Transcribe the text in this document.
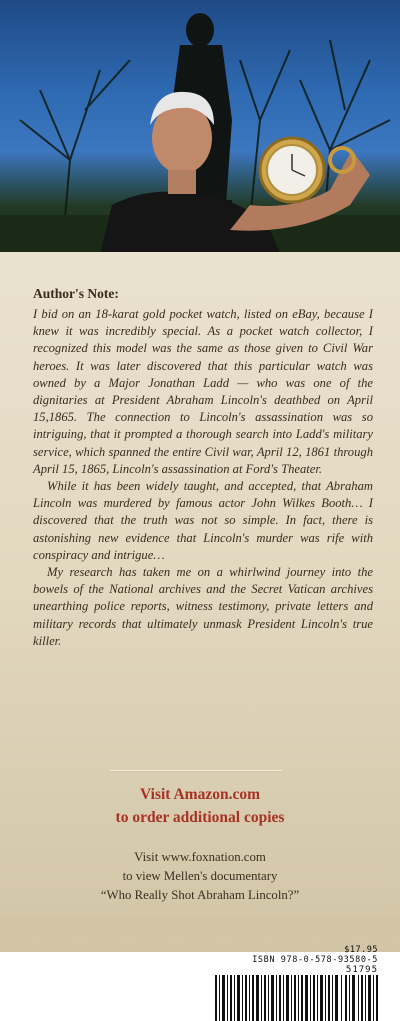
Author's Note:

I bid on an 18-karat gold pocket watch, listed on eBay, because I knew it was incredibly special. As a pocket watch collector, I recognized this model was the same as those given to Civil War heroes. It was later discovered that this particular watch was owned by a Major Jonathan Ladd — who was one of the dignitaries at President Abraham Lincoln's deathbed on April 15,1865. The connection to Lincoln's assassination was so intriguing, that it prompted a thorough search into Ladd's military service, which spanned the entire Civil war, April 12, 1861 through April 15, 1865, Lincoln's assassination at Ford's Theater.

While it has been widely taught, and accepted, that Abraham Lincoln was murdered by famous actor John Wilkes Booth… I discovered that the truth was not so simple. In fact, there is astonishing new evidence that Lincoln's murder was rife with conspiracy and intrigue…

My research has taken me on a whirlwind journey into the bowels of the National archives and the Secret Vatican archives unearthing police reports, witness testimony, private letters and military records that ultimately unmask President Lincoln's true killer.

Visit Amazon.com
to order additional copies
Visit www.foxnation.com
to view Mellen's documentary
“Who Really Shot Abraham Lincoln?”
$17.95
ISBN 978-0-578-93580-5
51795
